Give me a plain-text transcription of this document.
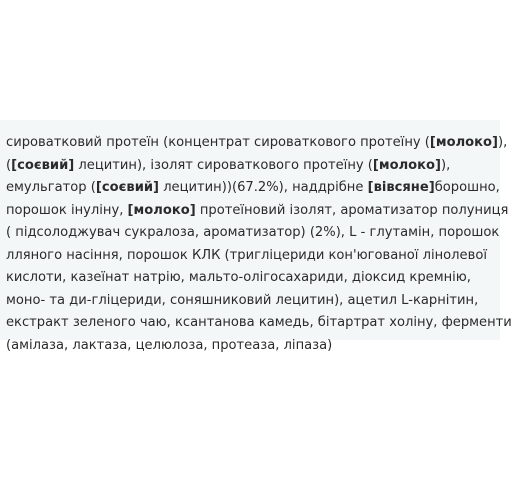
сироватковий протеїн (концентрат сироваткового протеїну ([молоко]),
([соєвий] лецитин), ізолят сироваткового протеїну ([молоко]),
емульгатор ([соєвий] лецитин))(67.2%), наддрібне [вівсяне]борошно,
порошок інуліну, [молоко] протеїновий ізолят, ароматизатор полуниця
( підсолоджувач сукралоза, ароматизатор) (2%), L - глутамін, порошок
лляного насіння, порошок КЛК (тригліцериди кон'югованої лінолевої
кислоти, казеїнат натрію, мальто-олігосахариди, діоксид кремнію,
моно- та ди-гліцериди, соняшниковий лецитин), ацетил L-карнітин,
екстракт зеленого чаю, ксантанова камедь, бітартрат холіну, ферменти
(амілаза, лактаза, целюлоза, протеаза, ліпаза)
